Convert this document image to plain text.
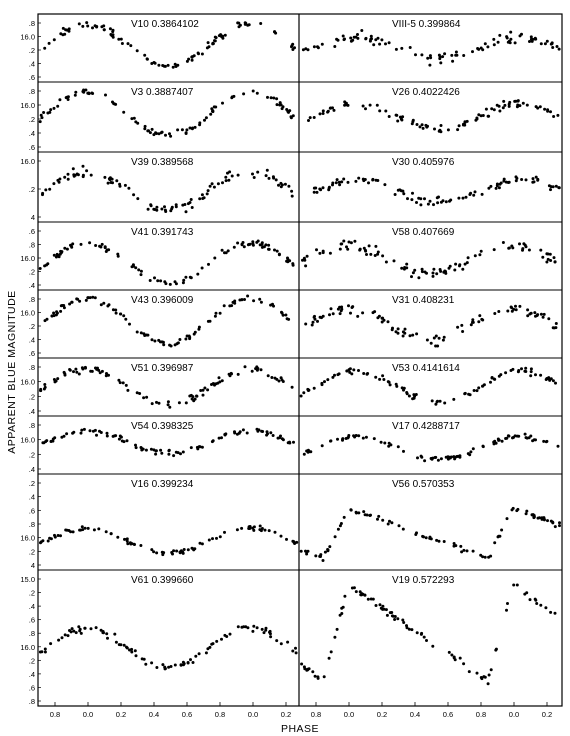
0.8	0.8
0.0	0.0
0.2	0.2
0.4	0.4
0.6	0.6
0.8	0.8
0.0	0.0
0.2	0.2
.8
16.0
.2
.4
.6
.8
16.0
.2
.4
.6
16.0
.2
4
.6
.8
16.0
.2
.4
.8
16.0
.2
.4
.6
.8
16.0
.2
.4
.8
16.0
.2
.4
.2
.4
.6
.8
16.0
.2
4
15.0
.2
.4
.6
.8
16.0
.2
.4
.6
.8
V10 0.3864102	VIII-5 0.399864
V3 0.3887407	V26 0.4022426
V39 0.389568	V30 0.405976
V41 0.391743	V58 0.407669
V43 0.396009	V31 0.408231
V51 0.396987	V53 0.4141614
V54 0.398325	V17 0.4288717
V16 0.399234	V56 0.570353
V61 0.399660	V19 0.572293
APPARENT BLUE MAGNITUDE
PHASE
